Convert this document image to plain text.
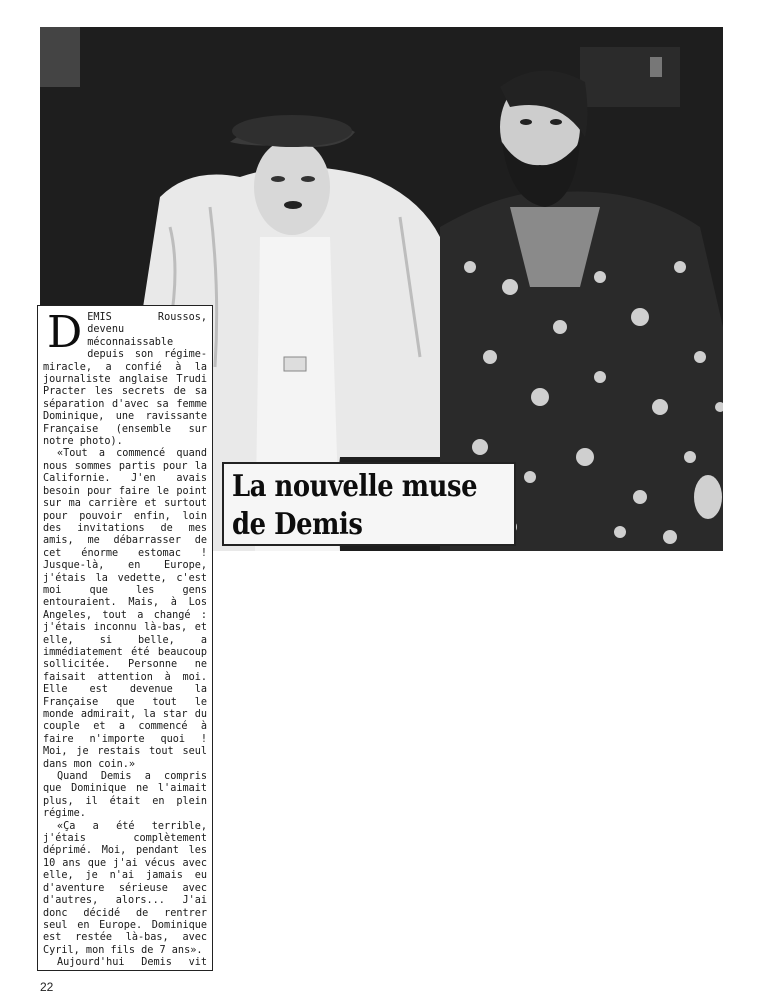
La nouvelle muse
de Demis
D EMIS Roussos, devenu méconnaissable depuis son régime-miracle, a confié à la journaliste anglaise Trudi Practer les secrets de sa séparation d'avec sa femme Dominique, une ravissante Française (ensemble sur notre photo).

«Tout a commencé quand nous sommes partis pour la Californie. J'en avais besoin pour faire le point sur ma carrière et surtout pour pouvoir enfin, loin des invitations de mes amis, me débarrasser de cet énorme estomac ! Jusque-là, en Europe, j'étais la vedette, c'est moi que les gens entouraient. Mais, à Los Angeles, tout a changé : j'étais inconnu là-bas, et elle, si belle, a immédiatement été beaucoup sollicitée. Personne ne faisait attention à moi. Elle est devenue la Française que tout le monde admirait, la star du couple et a commencé à faire n'importe quoi ! Moi, je restais tout seul dans mon coin.»

Quand Demis a compris que Dominique ne l'aimait plus, il était en plein régime.

«Ça a été terrible, j'étais complètement déprimé. Moi, pendant les 10 ans que j'ai vécus avec elle, je n'ai jamais eu d'aventure sérieuse avec d'autres, alors... J'ai donc décidé de rentrer seul en Europe. Dominique est restée là-bas, avec Cyril, mon fils de 7 ans».

Aujourd'hui Demis vit

22
